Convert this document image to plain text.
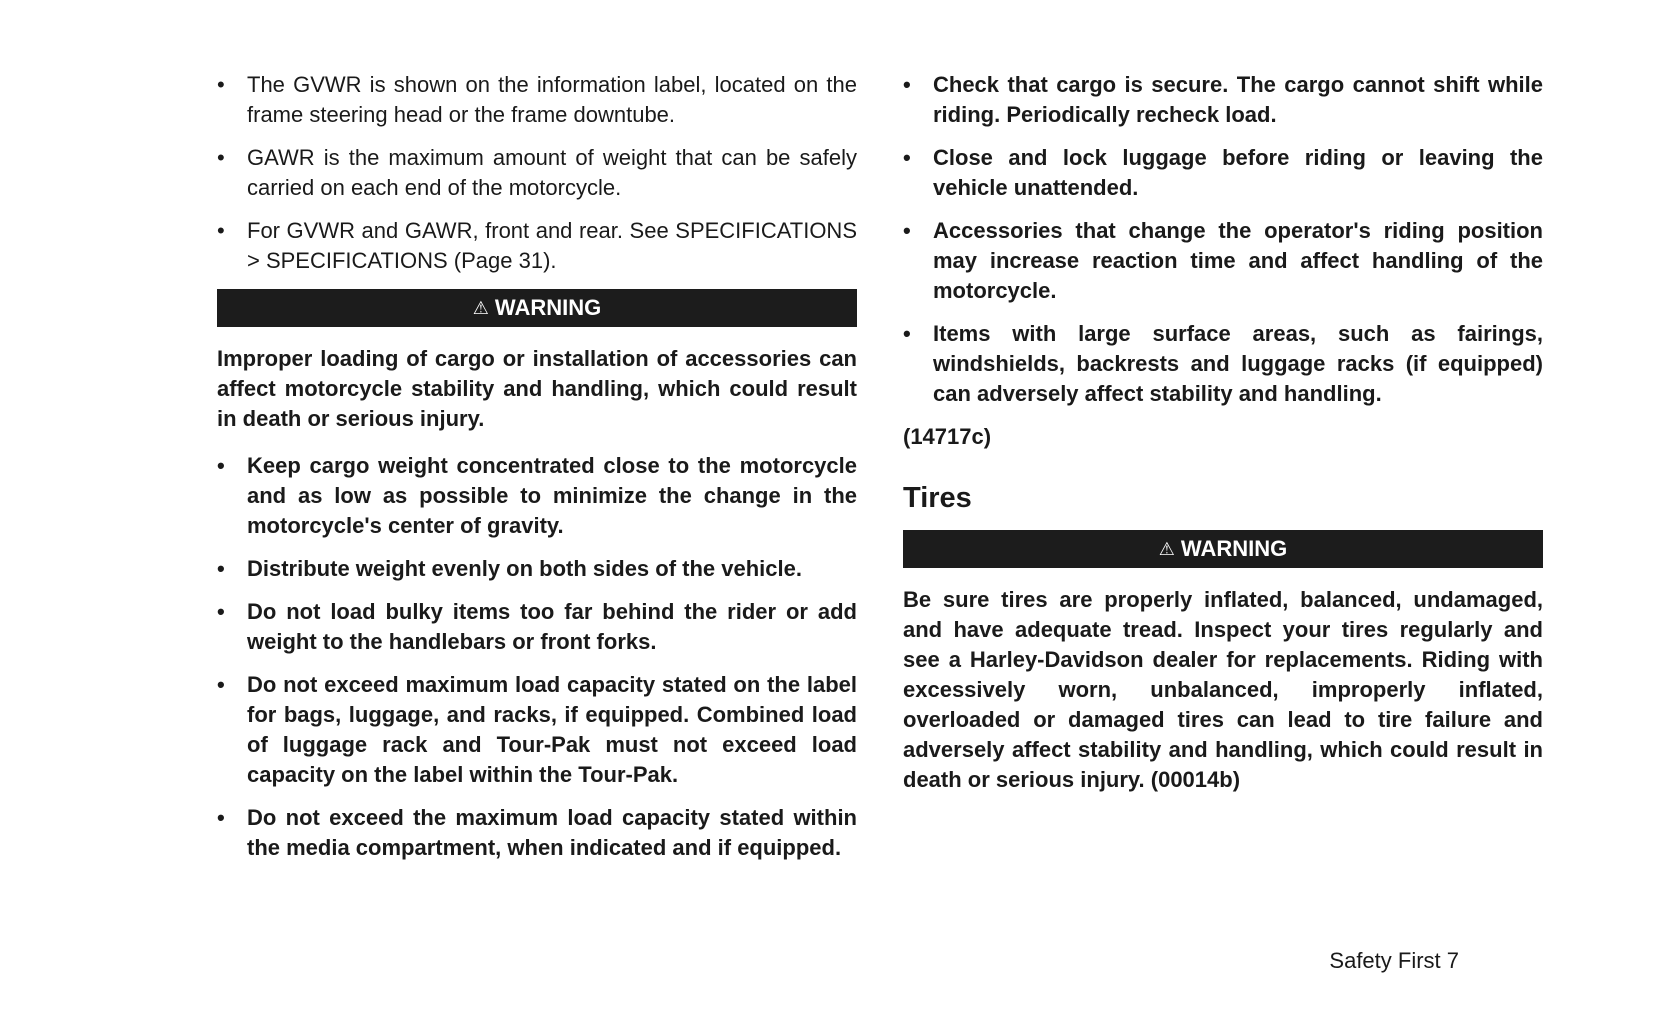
• The GVWR is shown on the information label, located on the frame steering head or the frame downtube.
• GAWR is the maximum amount of weight that can be safely carried on each end of the motorcycle.
• For GVWR and GAWR, front and rear. See SPECIFICATIONS > SPECIFICATIONS (Page 31).
⚠ WARNING

Improper loading of cargo or installation of accessories can affect motorcycle stability and handling, which could result in death or serious injury.

• Keep cargo weight concentrated close to the motorcycle and as low as possible to minimize the change in the motorcycle's center of gravity.
• Distribute weight evenly on both sides of the vehicle.
• Do not load bulky items too far behind the rider or add weight to the handlebars or front forks.
• Do not exceed maximum load capacity stated on the label for bags, luggage, and racks, if equipped. Combined load of luggage rack and Tour-Pak must not exceed load capacity on the label within the Tour-Pak.
• Do not exceed the maximum load capacity stated within the media compartment, when indicated and if equipped.
• Check that cargo is secure. The cargo cannot shift while riding. Periodically recheck load.
• Close and lock luggage before riding or leaving the vehicle unattended.
• Accessories that change the operator's riding position may increase reaction time and affect handling of the motorcycle.
• Items with large surface areas, such as fairings, windshields, backrests and luggage racks (if equipped) can adversely affect stability and handling.
(14717c)
Tires
⚠ WARNING

Be sure tires are properly inflated, balanced, undamaged, and have adequate tread. Inspect your tires regularly and see a Harley-Davidson dealer for replacements. Riding with excessively worn, unbalanced, improperly inflated, overloaded or damaged tires can lead to tire failure and adversely affect stability and handling, which could result in death or serious injury. (00014b)

Safety First 7
